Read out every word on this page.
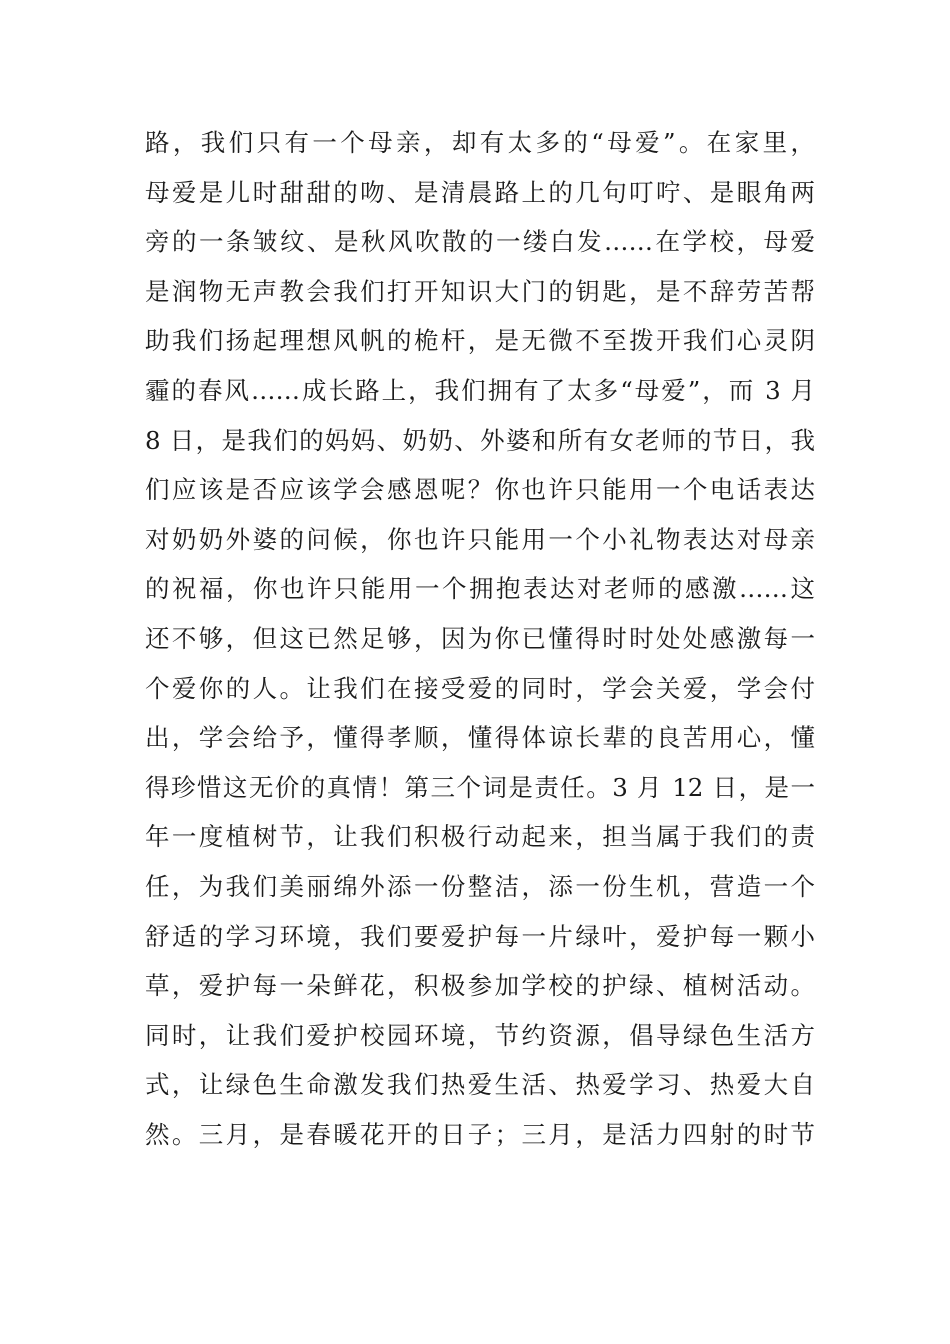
路，我们只有一个母亲，却有太多的“母爱”。在家里，
母爱是儿时甜甜的吻、是清晨路上的几句叮咛、是眼角两
旁的一条皱纹、是秋风吹散的一缕白发……在学校，母爱
是润物无声教会我们打开知识大门的钥匙，是不辞劳苦帮
助我们扬起理想风帆的桅杆，是无微不至拨开我们心灵阴
霾的春风……成长路上，我们拥有了太多“母爱”，而 3 月
8 日，是我们的妈妈、奶奶、外婆和所有女老师的节日，我
们应该是否应该学会感恩呢？你也许只能用一个电话表达
对奶奶外婆的问候，你也许只能用一个小礼物表达对母亲
的祝福，你也许只能用一个拥抱表达对老师的感激……这
还不够，但这已然足够，因为你已懂得时时处处感激每一
个爱你的人。让我们在接受爱的同时，学会关爱，学会付
出，学会给予，懂得孝顺，懂得体谅长辈的良苦用心，懂
得珍惜这无价的真情！第三个词是责任。3 月 12 日，是一
年一度植树节，让我们积极行动起来，担当属于我们的责
任，为我们美丽绵外添一份整洁，添一份生机，营造一个
舒适的学习环境，我们要爱护每一片绿叶，爱护每一颗小
草，爱护每一朵鲜花，积极参加学校的护绿、植树活动。
同时，让我们爱护校园环境，节约资源，倡导绿色生活方
式，让绿色生命激发我们热爱生活、热爱学习、热爱大自
然。三月，是春暖花开的日子；三月，是活力四射的时节
